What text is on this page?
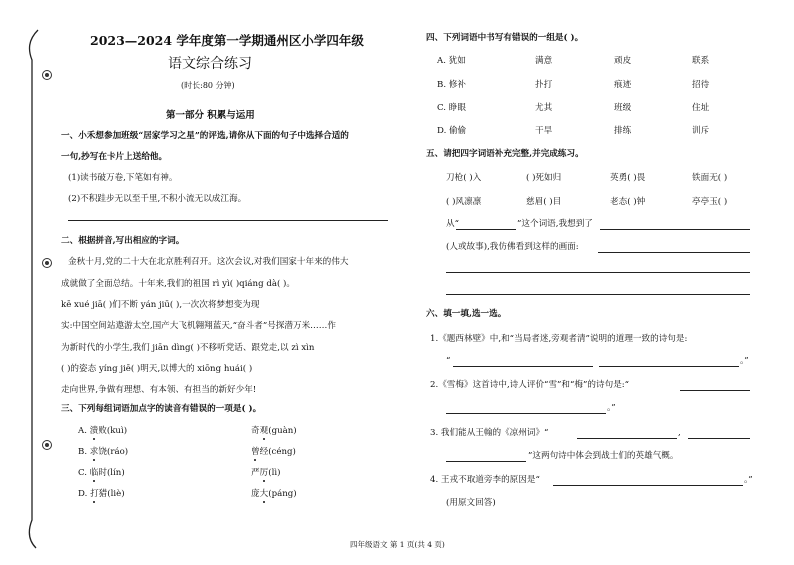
2023—2024 学年度第一学期通州区小学四年级
语文综合练习
(时长:80 分钟)
第一部分 积累与运用
一、小禾想参加班级“居家学习之星”的评选,请你从下面的句子中选择合适的
一句,抄写在卡片上送给他。
(1)读书破万卷,下笔如有神。
(2)不积跬步无以至千里,不积小流无以成江海。
二、根据拼音,写出相应的字词。
金秋十月,党的二十大在北京胜利召开。这次会议,对我们国家十年来的伟大
成就做了全面总结。十年来,我们的祖国 rì yì( )qiáng dà( )。
kē xué jiā( )们不断 yán jiū( ),一次次将梦想变为现
实:中国空间站遨游太空,国产大飞机翱翔蓝天,“奋斗者”号探潜万米……作
为新时代的小学生,我们 jiān dìng( )不移听党话、跟党走,以 zì xìn
( )的姿态 yíng jiē( )明天,以博大的 xiōng huái( )
走向世界,争做有理想、有本领、有担当的新好少年!
三、下列每组词语加点字的读音有错误的一项是( )。
A. 溃败(kuì)	奇观(guàn)
B. 求饶(ráo)	曾经(céng)
C. 临时(lín)	严厉(lì)
D. 打猎(liè)	庞大(páng)
四、下列词语中书写有错误的一组是( )。
A. 犹如	满意	顽皮	联系
B. 修补	扑打	痕迹	招待
C. 睁眼	尤其	班级	住址
D. 偷偷	干旱	排练	训斥
五、请把四字词语补充完整,并完成练习。
刀枪( )入	( )死如归	英勇( )畏	铁面无( )
( )风凛凛	慈眉( )目	老态( )钟	亭亭玉( )
从“	”这个词语,我想到了
(人或故事),我仿佛看到这样的画面:
六、填一填,选一选。
1.《题西林壁》中,和“当局者迷,旁观者清”说明的道理一致的诗句是:
“	。”
2.《雪梅》这首诗中,诗人评价“雪”和“梅”的诗句是:“
。”
3. 我们能从王翰的《凉州词》“	,
”这两句诗中体会到战士们的英雄气概。
4. 王戎不取道旁李的原因是“	。”
(用原文回答)
四年级语文 第 1 页(共 4 页)
